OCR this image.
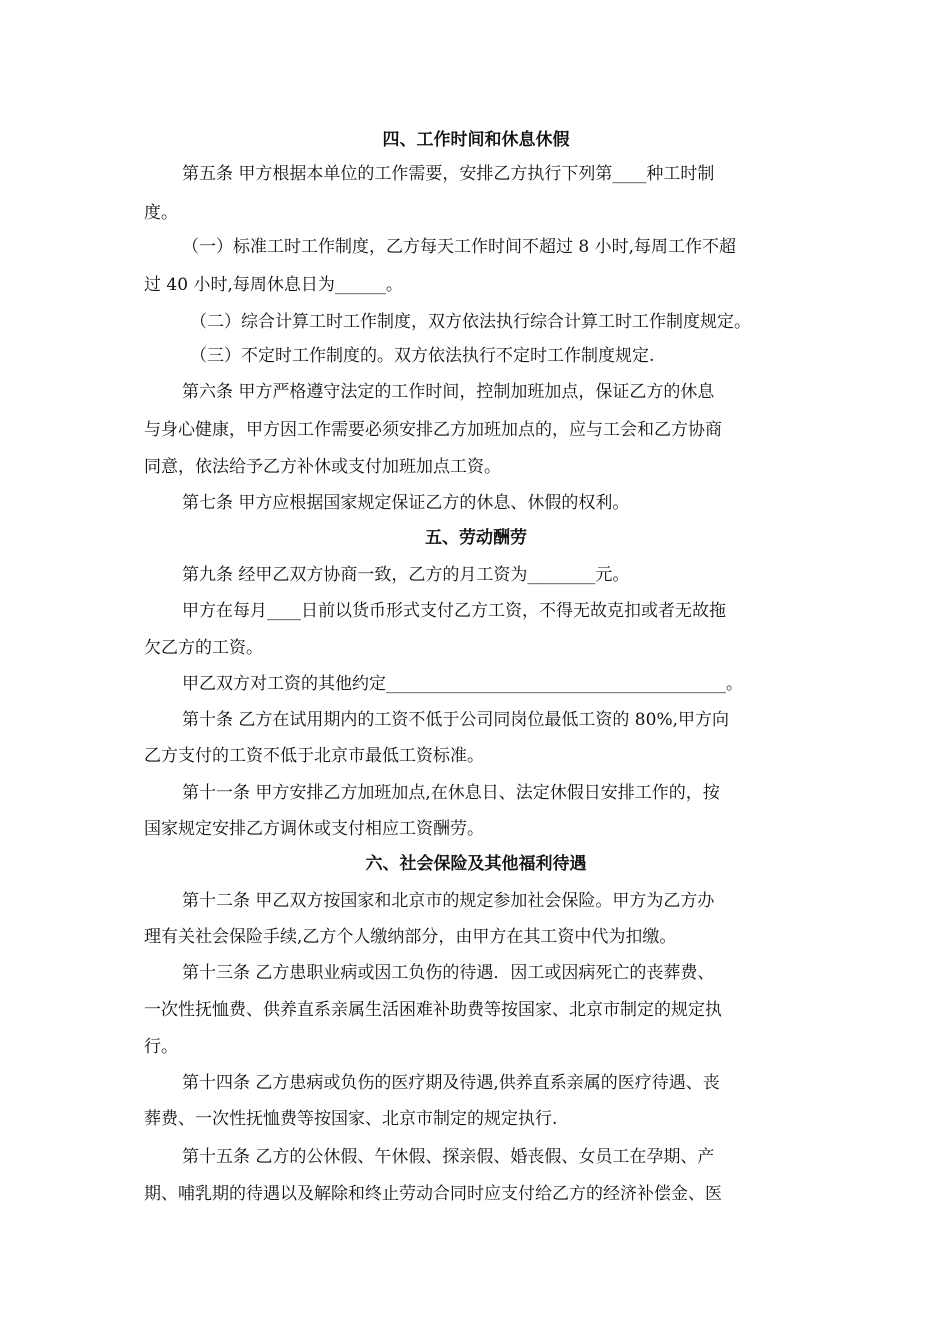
四、工作时间和休息休假
第五条 甲方根据本单位的工作需要，安排乙方执行下列第____种工时制
度。
（一）标准工时工作制度，乙方每天工作时间不超过 8 小时,每周工作不超
过 40 小时,每周休息日为______。
（二）综合计算工时工作制度，双方依法执行综合计算工时工作制度规定。
（三）不定时工作制度的。双方依法执行不定时工作制度规定.
第六条 甲方严格遵守法定的工作时间，控制加班加点，保证乙方的休息
与身心健康，甲方因工作需要必须安排乙方加班加点的，应与工会和乙方协商
同意，依法给予乙方补休或支付加班加点工资。
第七条 甲方应根据国家规定保证乙方的休息、休假的权利。
五、劳动酬劳
第九条 经甲乙双方协商一致，乙方的月工资为________元。
甲方在每月____日前以货币形式支付乙方工资，不得无故克扣或者无故拖
欠乙方的工资。
甲乙双方对工资的其他约定________________________________________。
第十条 乙方在试用期内的工资不低于公司同岗位最低工资的 80%,甲方向
乙方支付的工资不低于北京市最低工资标准。
第十一条 甲方安排乙方加班加点,在休息日、法定休假日安排工作的，按
国家规定安排乙方调休或支付相应工资酬劳。
六、社会保险及其他福利待遇
第十二条 甲乙双方按国家和北京市的规定参加社会保险。甲方为乙方办
理有关社会保险手续,乙方个人缴纳部分，由甲方在其工资中代为扣缴。
第十三条 乙方患职业病或因工负伤的待遇．因工或因病死亡的丧葬费、
一次性抚恤费、供养直系亲属生活困难补助费等按国家、北京市制定的规定执
行。
第十四条 乙方患病或负伤的医疗期及待遇,供养直系亲属的医疗待遇、丧
葬费、一次性抚恤费等按国家、北京市制定的规定执行.
第十五条 乙方的公休假、午休假、探亲假、婚丧假、女员工在孕期、产
期、哺乳期的待遇以及解除和终止劳动合同时应支付给乙方的经济补偿金、医
